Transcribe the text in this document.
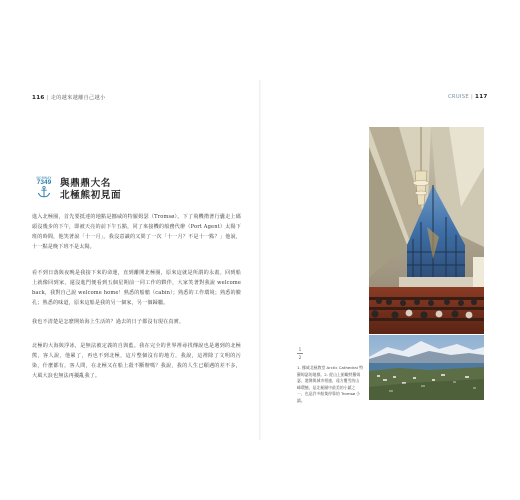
116 | 走的越來越離自己越小	CRUISE | 117
NORWAY
7349 與鼎鼎大名
北極熊初見面

進入北極圈，首先要抵達的地點是挪威的特羅姆瑟（Tromsø）。下了飛機揹著行囊走上碼頭沒幾步的下午，即被天亮的前下午五點，同了來接機的船務代辦（Port Agent）太陽下班的時間，他笑著說「十一月」。我沒意識的又問了一次「十一月？不是十一點？」他說，十一點是晚下班不是太陽。

看不到日落與夜晚是我接下來的命運，直到離開北極圈，原來這就是所謂的永畫。回到船上就像回到家，還沒進門便看到五個星期前一同工作的夥伴，大家笑著對我說 welcome back，我對自己說 welcome home！熟悉的船艙（cabin）；熟悉的工作環境；熟悉的臉孔；熟悉的味道，原來這船是我的另一個家，另一個歸屬。

我也不清楚是怎麼開始海上生活的？過去的日子都沒有現在真實。

北極的大海與浮冰，是無法被定義的自與藍。我在完全的世界裡尋找傳說也是遇到的北極熊，客人說，他累了，再也不到北極，這片整個沒有的地方，我說，這裡除了文明的污染，什麼都有，客人問，在北極又在船上殺不斷辦嗎？我說，我的人生已願遇的差不多，大風大浪也無法再擾亂我了。

1
2

1. 挪威北極教堂 Arctic Cathedral 特羅姆瑟的地標。2. 從山上俯瞰特羅姆瑟，港灣與城市相連，遠方覆雪的山峰環繞，是北極圈中最美的小鎮之一，也是許多船隻停靠的 Tromsø 小鎮。
